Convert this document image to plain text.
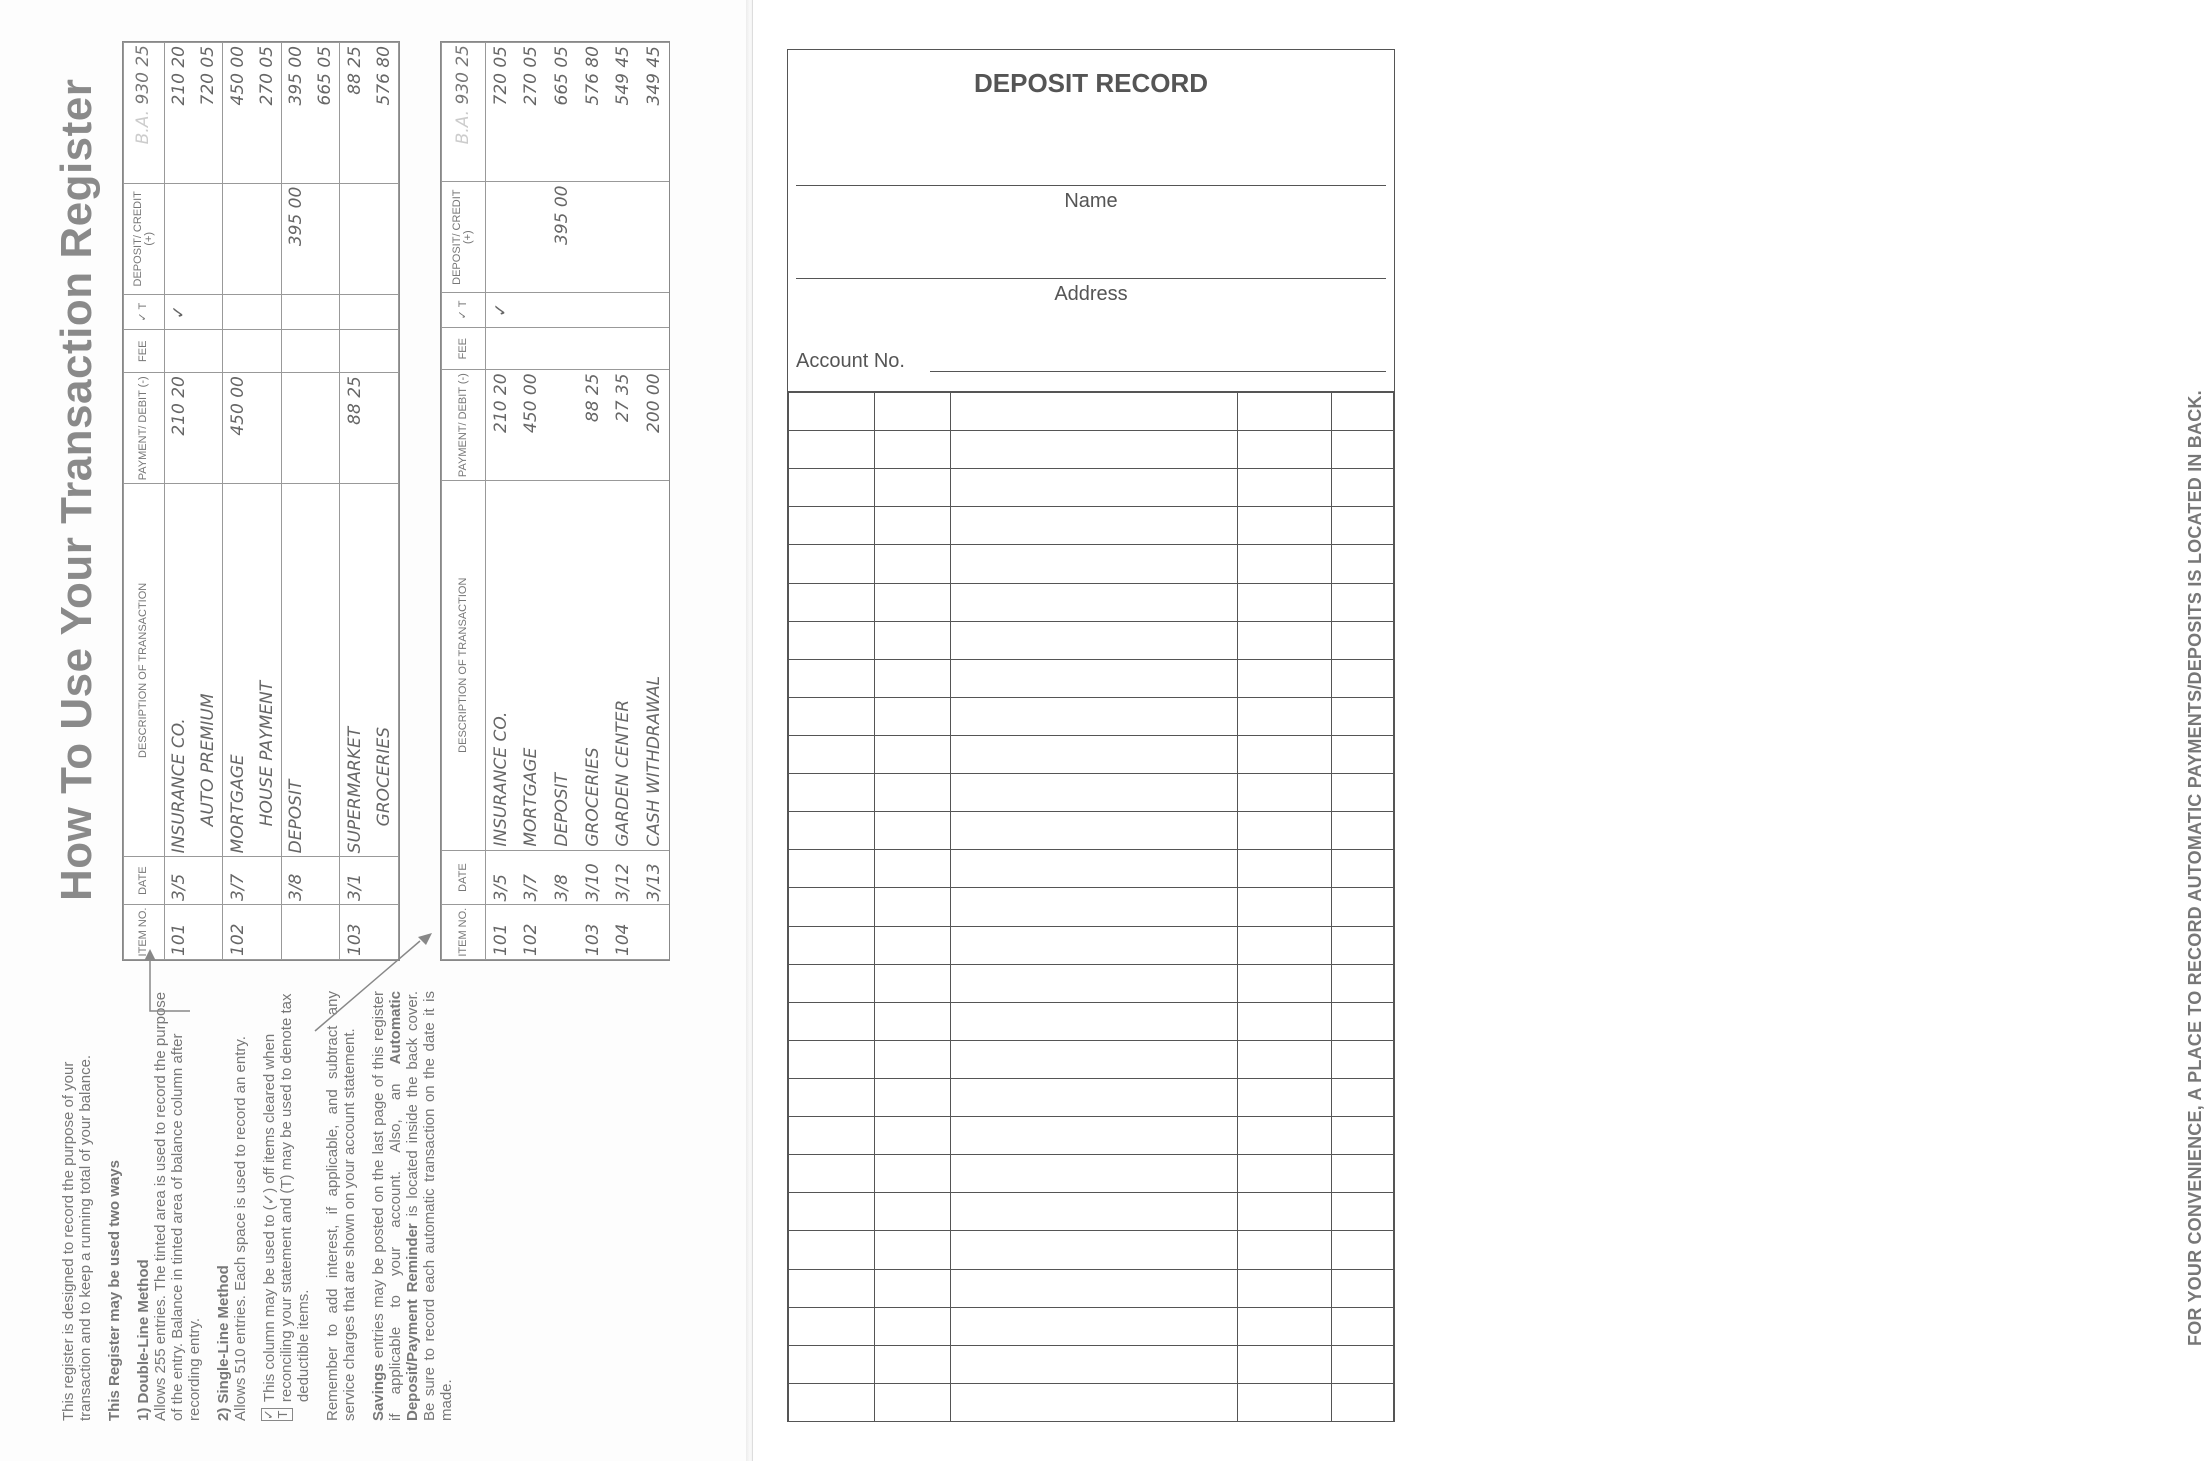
How To Use Your Transaction Register

This register is designed to record the purpose of your transaction and to keep a running total of your balance. This Register may be used two ways 1) Double-Line Method Allows 255 entries. The tinted area is used to record the purpose of the entry. Balance in tinted area of balance column after recording entry. 2) Single-Line Method Allows 510 entries. Each space is used to record an entry. ✓ T
This column may be used to (✓) off items cleared when reconciling your statement and (T) may be used to denote tax deductible items. Remember to add interest, if applicable, and subtract any service charges that are shown on your account statement. Savings entries may be posted on the last page of this register if applicable to your account. Also, an Automatic Deposit/Payment Reminder is located inside the back cover. Be sure to record each automatic transaction on the date it is made.

ITEM NO.	DATE	DESCRIPTION OF TRANSACTION	PAYMENT/ DEBIT (-)	FEE	✓ T	DEPOSIT/ CREDIT (+)	B.A. 930 25
101	3/5	INSURANCE CO.	210 20		✓		210 20
		AUTO PREMIUM					720 05
102	3/7	MORTGAGE	450 00				450 00
		HOUSE PAYMENT					270 05
	3/8	DEPOSIT				395 00	395 00
							665 05
103	3/1	SUPERMARKET	88 25				88 25
		GROCERIES					576 80
ITEM NO.	DATE	DESCRIPTION OF TRANSACTION	PAYMENT/ DEBIT (-)	FEE	✓ T	DEPOSIT/ CREDIT (+)	B.A. 930 25
101	3/5	INSURANCE CO.	210 20		✓		720 05
102	3/7	MORTGAGE	450 00				270 05
	3/8	DEPOSIT				395 00	665 05
103	3/10	GROCERIES	88 25				576 80
104	3/12	GARDEN CENTER	27 35				549 45
	3/13	CASH WITHDRAWAL	200 00				349 45
DEPOSIT RECORD
Name
Address
Account No.

FOR YOUR CONVENIENCE, A PLACE TO RECORD AUTOMATIC PAYMENTS/DEPOSITS IS LOCATED IN BACK.
